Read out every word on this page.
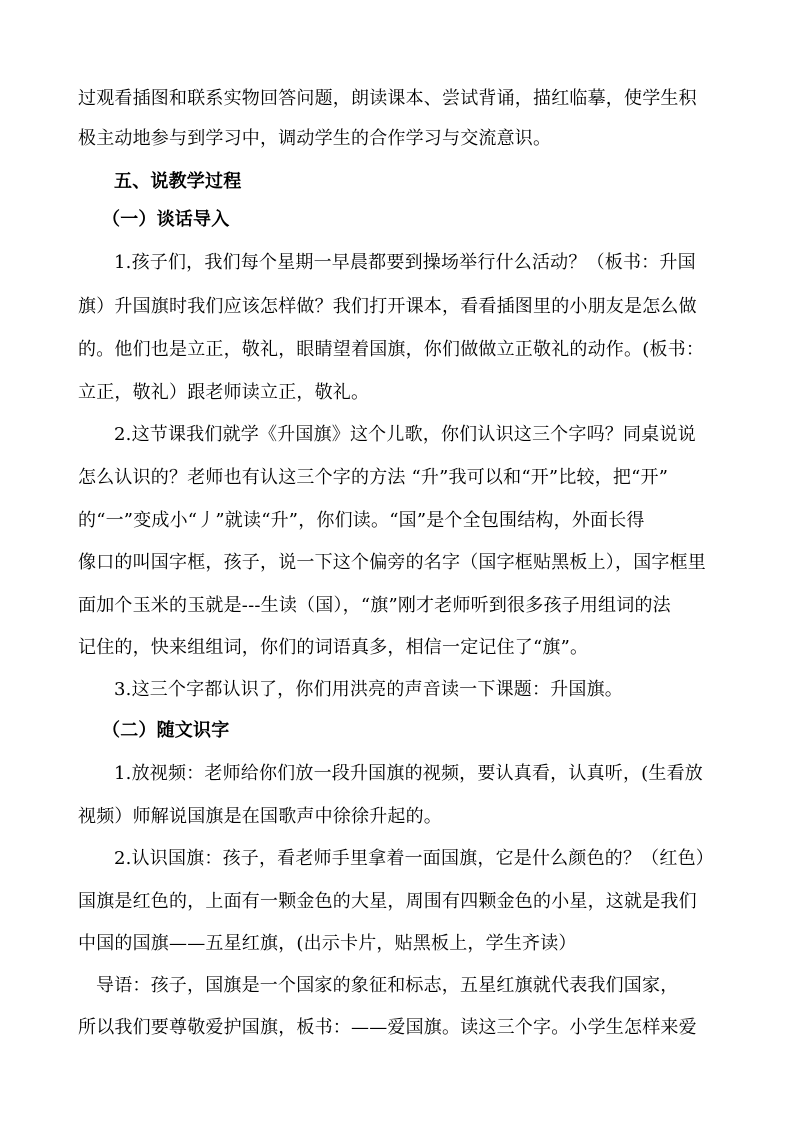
过观看插图和联系实物回答问题，朗读课本、尝试背诵，描红临摹，使学生积
极主动地参与到学习中，调动学生的合作学习与交流意识。
五、说教学过程
（一）谈话导入
1.孩子们，我们每个星期一早晨都要到操场举行什么活动？（板书：升国
旗）升国旗时我们应该怎样做？我们打开课本，看看插图里的小朋友是怎么做
的。他们也是立正，敬礼，眼睛望着国旗，你们做做立正敬礼的动作。(板书：
立正，敬礼）跟老师读立正，敬礼。
2.这节课我们就学《升国旗》这个儿歌，你们认识这三个字吗？同桌说说
怎么认识的？老师也有认这三个字的方法 “升”我可以和“开”比较，把“开”
的“一”变成小“丿”就读“升”，你们读。“国”是个全包围结构，外面长得
像口的叫国字框，孩子，说一下这个偏旁的名字（国字框贴黑板上），国字框里
面加个玉米的玉就是---生读（国），“旗”刚才老师听到很多孩子用组词的法
记住的，快来组组词，你们的词语真多，相信一定记住了“旗”。
3.这三个字都认识了，你们用洪亮的声音读一下课题：升国旗。
（二）随文识字
1.放视频：老师给你们放一段升国旗的视频，要认真看，认真听，(生看放
视频）师解说国旗是在国歌声中徐徐升起的。
2.认识国旗：孩子，看老师手里拿着一面国旗，它是什么颜色的？（红色）
国旗是红色的，上面有一颗金色的大星，周围有四颗金色的小星，这就是我们
中国的国旗——五星红旗，(出示卡片，贴黑板上，学生齐读）
导语：孩子，国旗是一个国家的象征和标志，五星红旗就代表我们国家，
所以我们要尊敬爱护国旗，板书：——爱国旗。读这三个字。小学生怎样来爱
